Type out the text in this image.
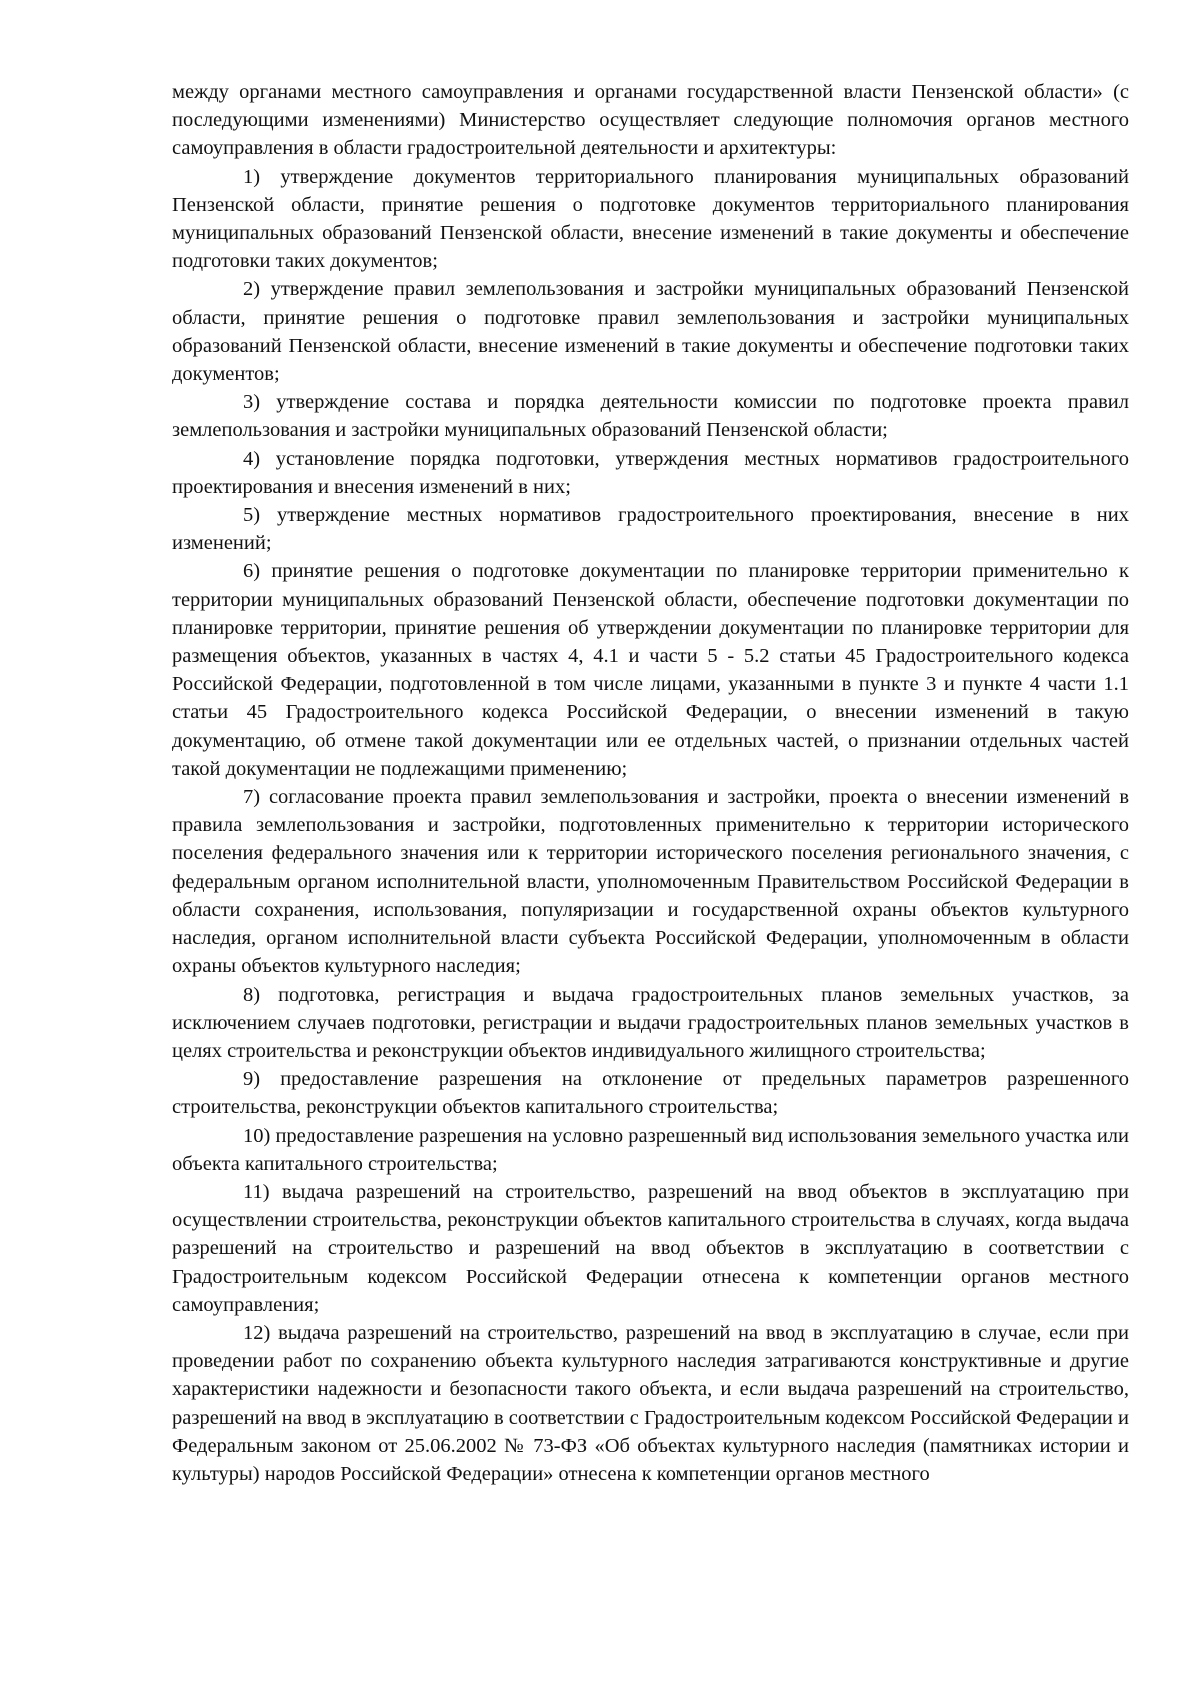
между органами местного самоуправления и органами государственной власти Пензенской области» (с последующими изменениями) Министерство осуществляет следующие полномочия органов местного самоуправления в области градостроительной деятельности и архитектуры:

1) утверждение документов территориального планирования муниципальных образований Пензенской области, принятие решения о подготовке документов территориального планирования муниципальных образований Пензенской области, внесение изменений в такие документы и обеспечение подготовки таких документов;

2) утверждение правил землепользования и застройки муниципальных образований Пензенской области, принятие решения о подготовке правил землепользования и застройки муниципальных образований Пензенской области, внесение изменений в такие документы и обеспечение подготовки таких документов;

3) утверждение состава и порядка деятельности комиссии по подготовке проекта правил землепользования и застройки муниципальных образований Пензенской области;

4) установление порядка подготовки, утверждения местных нормативов градостроительного проектирования и внесения изменений в них;

5) утверждение местных нормативов градостроительного проектирования, внесение в них изменений;

6) принятие решения о подготовке документации по планировке территории применительно к территории муниципальных образований Пензенской области, обеспечение подготовки документации по планировке территории, принятие решения об утверждении документации по планировке территории для размещения объектов, указанных в частях 4, 4.1 и части 5 - 5.2 статьи 45 Градостроительного кодекса Российской Федерации, подготовленной в том числе лицами, указанными в пункте 3 и пункте 4 части 1.1 статьи 45 Градостроительного кодекса Российской Федерации, о внесении изменений в такую документацию, об отмене такой документации или ее отдельных частей, о признании отдельных частей такой документации не подлежащими применению;

7) согласование проекта правил землепользования и застройки, проекта о внесении изменений в правила землепользования и застройки, подготовленных применительно к территории исторического поселения федерального значения или к территории исторического поселения регионального значения, с федеральным органом исполнительной власти, уполномоченным Правительством Российской Федерации в области сохранения, использования, популяризации и государственной охраны объектов культурного наследия, органом исполнительной власти субъекта Российской Федерации, уполномоченным в области охраны объектов культурного наследия;

8) подготовка, регистрация и выдача градостроительных планов земельных участков, за исключением случаев подготовки, регистрации и выдачи градостроительных планов земельных участков в целях строительства и реконструкции объектов индивидуального жилищного строительства;

9) предоставление разрешения на отклонение от предельных параметров разрешенного строительства, реконструкции объектов капитального строительства;

10) предоставление разрешения на условно разрешенный вид использования земельного участка или объекта капитального строительства;

11) выдача разрешений на строительство, разрешений на ввод объектов в эксплуатацию при осуществлении строительства, реконструкции объектов капитального строительства в случаях, когда выдача разрешений на строительство и разрешений на ввод объектов в эксплуатацию в соответствии с Градостроительным кодексом Российской Федерации отнесена к компетенции органов местного самоуправления;

12) выдача разрешений на строительство, разрешений на ввод в эксплуатацию в случае, если при проведении работ по сохранению объекта культурного наследия затрагиваются конструктивные и другие характеристики надежности и безопасности такого объекта, и если выдача разрешений на строительство, разрешений на ввод в эксплуатацию в соответствии с Градостроительным кодексом Российской Федерации и Федеральным законом от 25.06.2002 № 73-ФЗ «Об объектах культурного наследия (памятниках истории и культуры) народов Российской Федерации» отнесена к компетенции органов местного
